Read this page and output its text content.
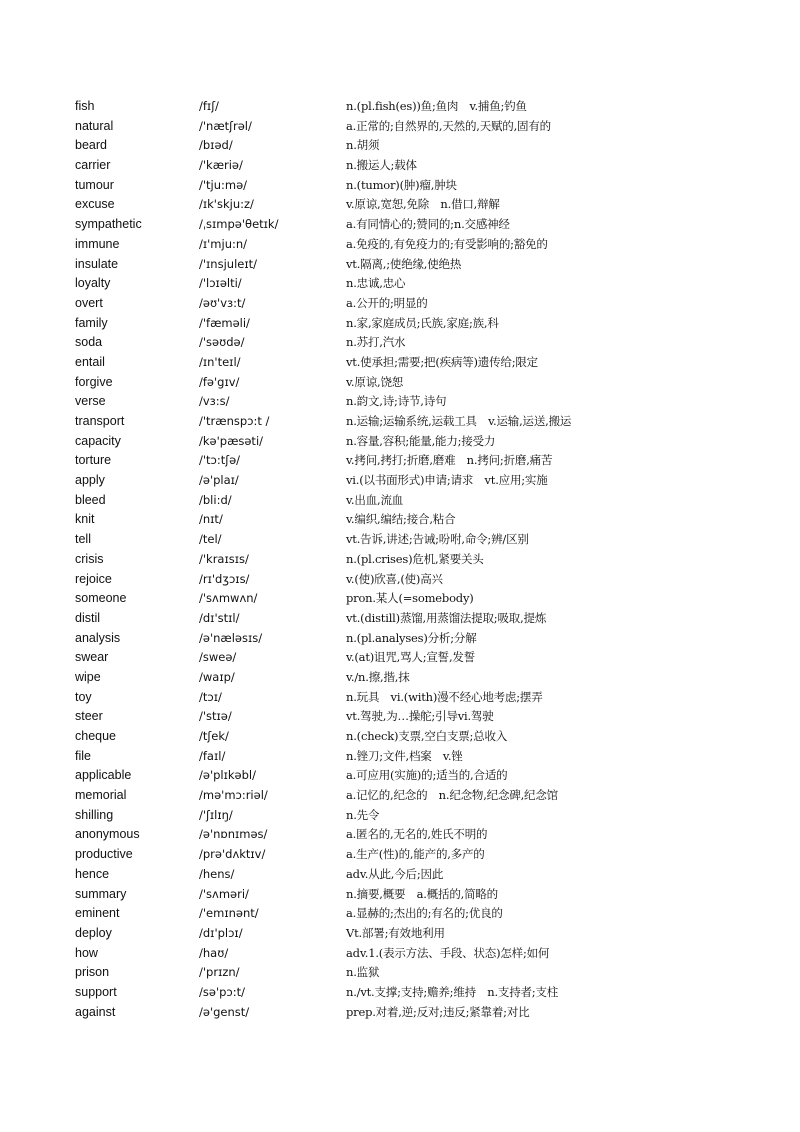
fish	/fɪʃ/	n.(pl.fish(es))鱼;鱼肉　v.捕鱼;钓鱼
natural	/'nætʃrəl/	a.正常的;自然界的,天然的,天赋的,固有的
beard	/bɪəd/	n.胡须
carrier	/'kæriə/	n.搬运人;载体
tumour	/'tju:mə/	n.(tumor)(肿)瘤,肿块
excuse	/ɪk'skju:z/	v.原谅,宽恕,免除　n.借口,辩解
sympathetic	/ˌsɪmpə'θetɪk/	a.有同情心的;赞同的;n.交感神经
immune	/ɪ'mju:n/	a.免疫的,有免疫力的;有受影响的;豁免的
insulate	/'ɪnsjuleɪt/	vt.隔离,;使绝缘,使绝热
loyalty	/'lɔɪəlti/	n.忠诚,忠心
overt	/əʊ'vɜ:t/	a.公开的;明显的
family	/'fæməli/	n.家,家庭成员;氏族,家庭;族,科
soda	/'səʊdə/	n.苏打,汽水
entail	/ɪn'teɪl/	vt.使承担;需要;把(疾病等)遗传给;限定
forgive	/fə'gɪv/	v.原谅,饶恕
verse	/vɜ:s/	n.韵文,诗;诗节,诗句
transport	/'trænspɔ:t /	n.运输;运输系统,运载工具　v.运输,运送,搬运
capacity	/kə'pæsəti/	n.容量,容积;能量,能力;接受力
torture	/'tɔ:tʃə/	v.拷问,拷打;折磨,磨难　n.拷问;折磨,痛苦
apply	/ə'plaɪ/	vi.(以书面形式)申请;请求　vt.应用;实施
bleed	/bli:d/	v.出血,流血
knit	/nɪt/	v.编织,编结;接合,粘合
tell	/tel/	vt.告诉,讲述;告诫;吩咐,命令;辨/区别
crisis	/'kraɪsɪs/	n.(pl.crises)危机,紧要关头
rejoice	/rɪ'dʒɔɪs/	v.(使)欣喜,(使)高兴
someone	/'sʌmwʌn/	pron.某人(=somebody)
distil	/dɪ'stɪl/	vt.(distill)蒸馏,用蒸馏法提取;吸取,提炼
analysis	/ə'næləsɪs/	n.(pl.analyses)分析;分解
swear	/sweə/	v.(at)诅咒,骂人;宣誓,发誓
wipe	/waɪp/	v./n.擦,揩,抹
toy	/tɔɪ/	n.玩具　vi.(with)漫不经心地考虑;摆弄
steer	/'stɪə/	vt.驾驶,为…操舵;引导vi.驾驶
cheque	/tʃek/	n.(check)支票,空白支票;总收入
file	/faɪl/	n.锉刀;文件,档案　v.锉
applicable	/ə'plɪkəbl/	a.可应用(实施)的;适当的,合适的
memorial	/mə'mɔ:riəl/	a.记忆的,纪念的　n.纪念物,纪念碑,纪念馆
shilling	/'ʃɪlɪŋ/	n.先令
anonymous	/ə'nɒnɪməs/	a.匿名的,无名的,姓氏不明的
productive	/prə'dʌktɪv/	a.生产(性)的,能产的,多产的
hence	/hens/	adv.从此,今后;因此
summary	/'sʌməri/	n.摘要,概要　a.概括的,简略的
eminent	/'emɪnənt/	a.显赫的;杰出的;有名的;优良的
deploy	/dɪ'plɔɪ/	Vt.部署;有效地利用
how	/haʊ/	adv.1.(表示方法、手段、状态)怎样;如何
prison	/'prɪzn/	n.监狱
support	/sə'pɔ:t/	n./vt.支撑;支持;赡养;维持　n.支持者;支柱
against	/ə'genst/	prep.对着,逆;反对;违反;紧靠着;对比
